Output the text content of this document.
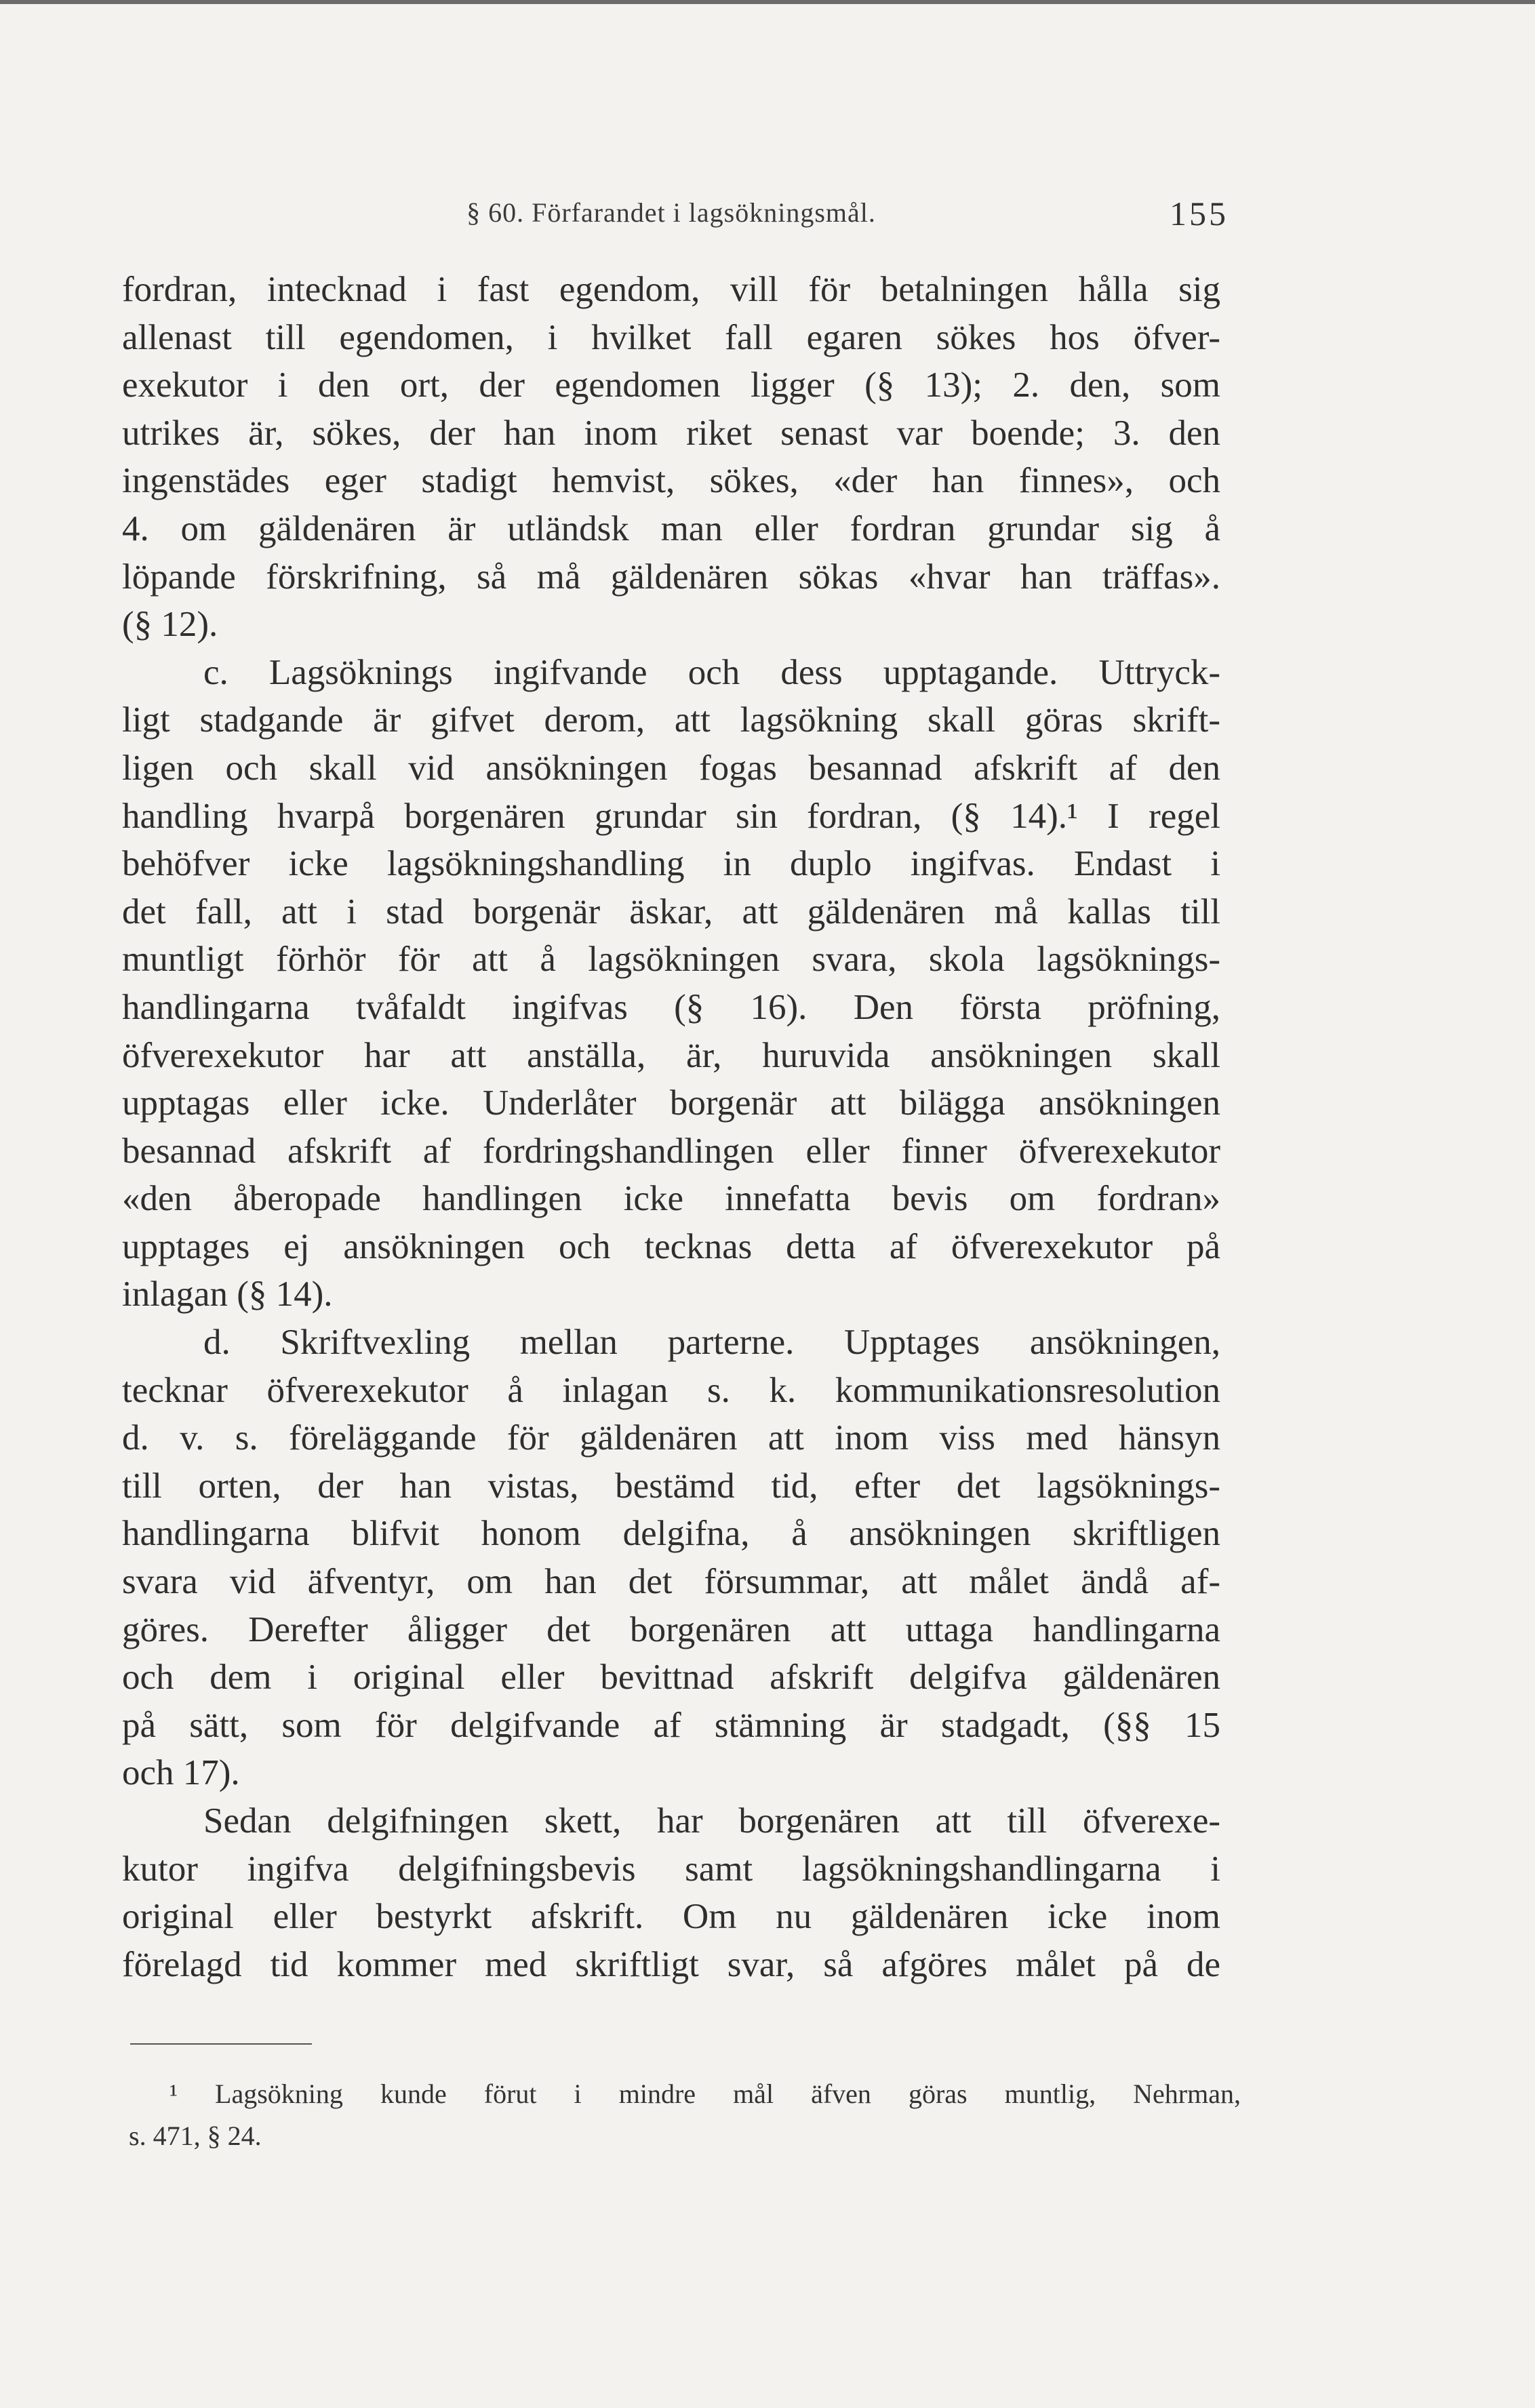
§ 60. Förfarandet i lagsökningsmål.	155
fordran, intecknad i fast egendom, vill för betalningen hålla sig
allenast till egendomen, i hvilket fall egaren sökes hos öfver-
exekutor i den ort, der egendomen ligger (§ 13); 2. den, som
utrikes är, sökes, der han inom riket senast var boende; 3. den
ingenstädes eger stadigt hemvist, sökes, «der han finnes», och
4. om gäldenären är utländsk man eller fordran grundar sig å
löpande förskrifning, så må gäldenären sökas «hvar han träffas».
(§ 12).
c. Lagsöknings ingifvande och dess upptagande. Uttryck-
ligt stadgande är gifvet derom, att lagsökning skall göras skrift-
ligen och skall vid ansökningen fogas besannad afskrift af den
handling hvarpå borgenären grundar sin fordran, (§ 14).¹ I regel
behöfver icke lagsökningshandling in duplo ingifvas. Endast i
det fall, att i stad borgenär äskar, att gäldenären må kallas till
muntligt förhör för att å lagsökningen svara, skola lagsöknings-
handlingarna tvåfaldt ingifvas (§ 16). Den första pröfning,
öfverexekutor har att anställa, är, huruvida ansökningen skall
upptagas eller icke. Underlåter borgenär att bilägga ansökningen
besannad afskrift af fordringshandlingen eller finner öfverexekutor
«den åberopade handlingen icke innefatta bevis om fordran»
upptages ej ansökningen och tecknas detta af öfverexekutor på
inlagan (§ 14).
d. Skriftvexling mellan parterne. Upptages ansökningen,
tecknar öfverexekutor å inlagan s. k. kommunikationsresolution
d. v. s. föreläggande för gäldenären att inom viss med hänsyn
till orten, der han vistas, bestämd tid, efter det lagsöknings-
handlingarna blifvit honom delgifna, å ansökningen skriftligen
svara vid äfventyr, om han det försummar, att målet ändå af-
göres. Derefter åligger det borgenären att uttaga handlingarna
och dem i original eller bevittnad afskrift delgifva gäldenären
på sätt, som för delgifvande af stämning är stadgadt, (§§ 15
och 17).
Sedan delgifningen skett, har borgenären att till öfverexe-
kutor ingifva delgifningsbevis samt lagsökningshandlingarna i
original eller bestyrkt afskrift. Om nu gäldenären icke inom
förelagd tid kommer med skriftligt svar, så afgöres målet på de
¹ Lagsökning kunde förut i mindre mål äfven göras muntlig, Nehrman,
s. 471, § 24.
